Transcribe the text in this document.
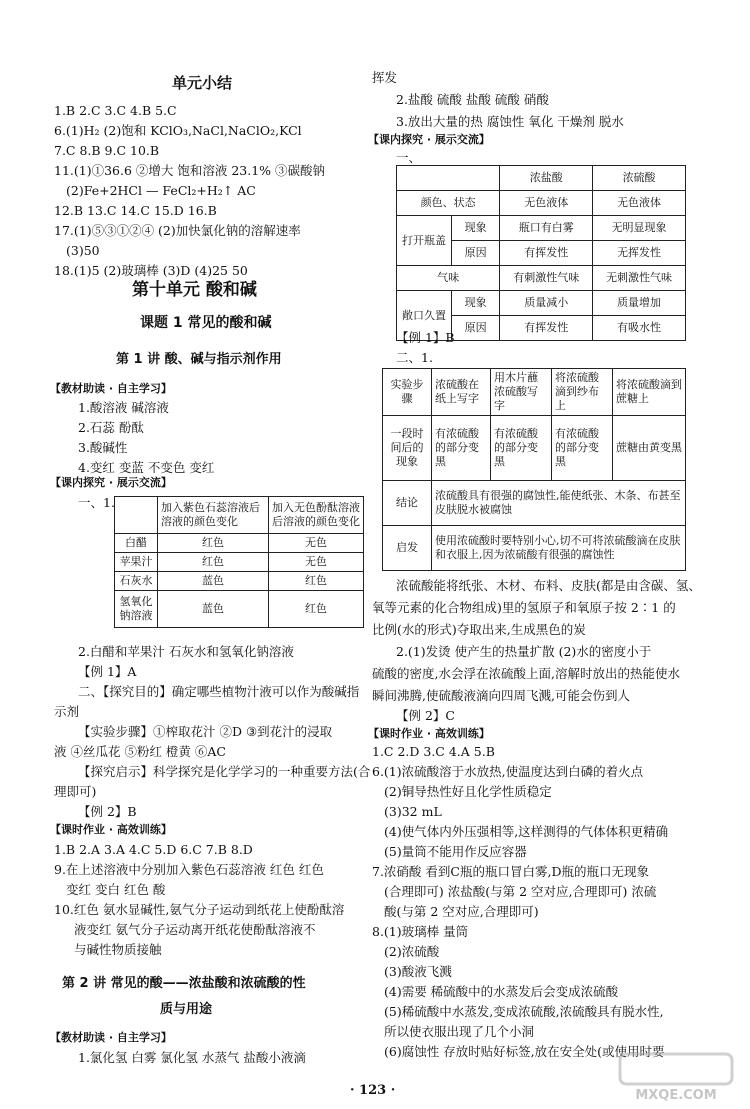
单元小结
1.B 2.C 3.C 4.B 5.C
6.(1)H₂ (2)饱和 KClO₃,NaCl,NaClO₂,KCl
7.C 8.B 9.C 10.B
11.(1)①36.6 ②增大 饱和溶液 23.1% ③碳酸钠
(2)Fe+2HCl — FeCl₂+H₂↑ AC
12.B 13.C 14.C 15.D 16.B
17.(1)⑤③①②④ (2)加快氯化钠的溶解速率
(3)50
18.(1)5 (2)玻璃棒 (3)D (4)25 50
第十单元 酸和碱
课题 1 常见的酸和碱
第 1 讲 酸、碱与指示剂作用
【教材助读 · 自主学习】
1.酸溶液 碱溶液
2.石蕊 酚酞
3.酸碱性
4.变红 变蓝 不变色 变红
【课内探究 · 展示交流】
一、1.
		加入紫色石蕊溶液后溶液的颜色变化	加入无色酚酞溶液后溶液的颜色变化
白醋	红色	无色
苹果汁	红色	无色
石灰水	蓝色	红色
氢氧化钠溶液	蓝色	红色
2.白醋和苹果汁 石灰水和氢氧化钠溶液
【例 1】A
二、【探究目的】确定哪些植物汁液可以作为酸碱指
示剂
【实验步骤】①榨取花汁 ②D ③到花汁的浸取
液 ④丝瓜花 ⑤粉红 橙黄 ⑥AC
【探究启示】科学探究是化学学习的一种重要方法(合
理即可)
【例 2】B
【课时作业 · 高效训练】
1.B 2.A 3.A 4.C 5.D 6.C 7.B 8.D
9.在上述溶液中分别加入紫色石蕊溶液 红色 红色
变红 变白 红色 酸
10.红色 氨水显碱性,氨气分子运动到纸花上使酚酞溶
液变红 氨气分子运动离开纸花使酚酞溶液不
与碱性物质接触
第 2 讲 常见的酸——浓盐酸和浓硫酸的性
质与用途
【教材助读 · 自主学习】
1.氯化氢 白雾 氯化氢 水蒸气 盐酸小液滴
挥发
2.盐酸 硫酸 盐酸 硫酸 硝酸
3.放出大量的热 腐蚀性 氧化 干燥剂 脱水
【课内探究 · 展示交流】
一、
		浓盐酸	浓硫酸
颜色、状态		无色液体	无色液体
打开瓶盖	现象	瓶口有白雾	无明显现象
	原因	有挥发性	无挥发性
气味		有刺激性气味	无刺激性气味
敞口久置	现象	质量减小	质量增加
	原因	有挥发性	有吸水性
【例 1】B
二、1.
实验步骤	浓硫酸在纸上写字	用木片蘸浓硫酸写字	将浓硫酸滴到纱布上	将浓硫酸滴到蔗糖上
一段时间后的现象	有浓硫酸的部分变黑	有浓硫酸的部分变黑	有浓硫酸的部分变黑	蔗糖由黄变黑
结论	浓硫酸具有很强的腐蚀性,能使纸张、木条、布甚至皮肤脱水被腐蚀			
启发	使用浓硫酸时要特别小心,切不可将浓硫酸滴在皮肤和衣服上,因为浓硫酸有很强的腐蚀性			
浓硫酸能将纸张、木材、布料、皮肤(都是由含碳、氢、
氧等元素的化合物组成)里的氢原子和氧原子按 2∶1 的
比例(水的形式)夺取出来,生成黑色的炭
2.(1)发烫 使产生的热量扩散 (2)水的密度小于
硫酸的密度,水会浮在浓硫酸上面,溶解时放出的热能使水
瞬间沸腾,使硫酸液滴向四周飞溅,可能会伤到人
【例 2】C
【课时作业 · 高效训练】
1.C 2.D 3.C 4.A 5.B
6.(1)浓硫酸溶于水放热,使温度达到白磷的着火点
(2)铜导热性好且化学性质稳定
(3)32 mL
(4)使气体内外压强相等,这样测得的气体体积更精确
(5)量筒不能用作反应容器
7.浓硝酸 看到C瓶的瓶口冒白雾,D瓶的瓶口无现象
(合理即可) 浓盐酸(与第 2 空对应,合理即可) 浓硫
酸(与第 2 空对应,合理即可)
8.(1)玻璃棒 量筒
(2)浓硫酸
(3)酸液飞溅
(4)需要 稀硫酸中的水蒸发后会变成浓硫酸
(5)稀硫酸中水蒸发,变成浓硫酸,浓硫酸具有脱水性,
所以使衣服出现了几个小洞
(6)腐蚀性 存放时贴好标签,放在安全处(或使用时要
· 123 ·	MXQE.COM
